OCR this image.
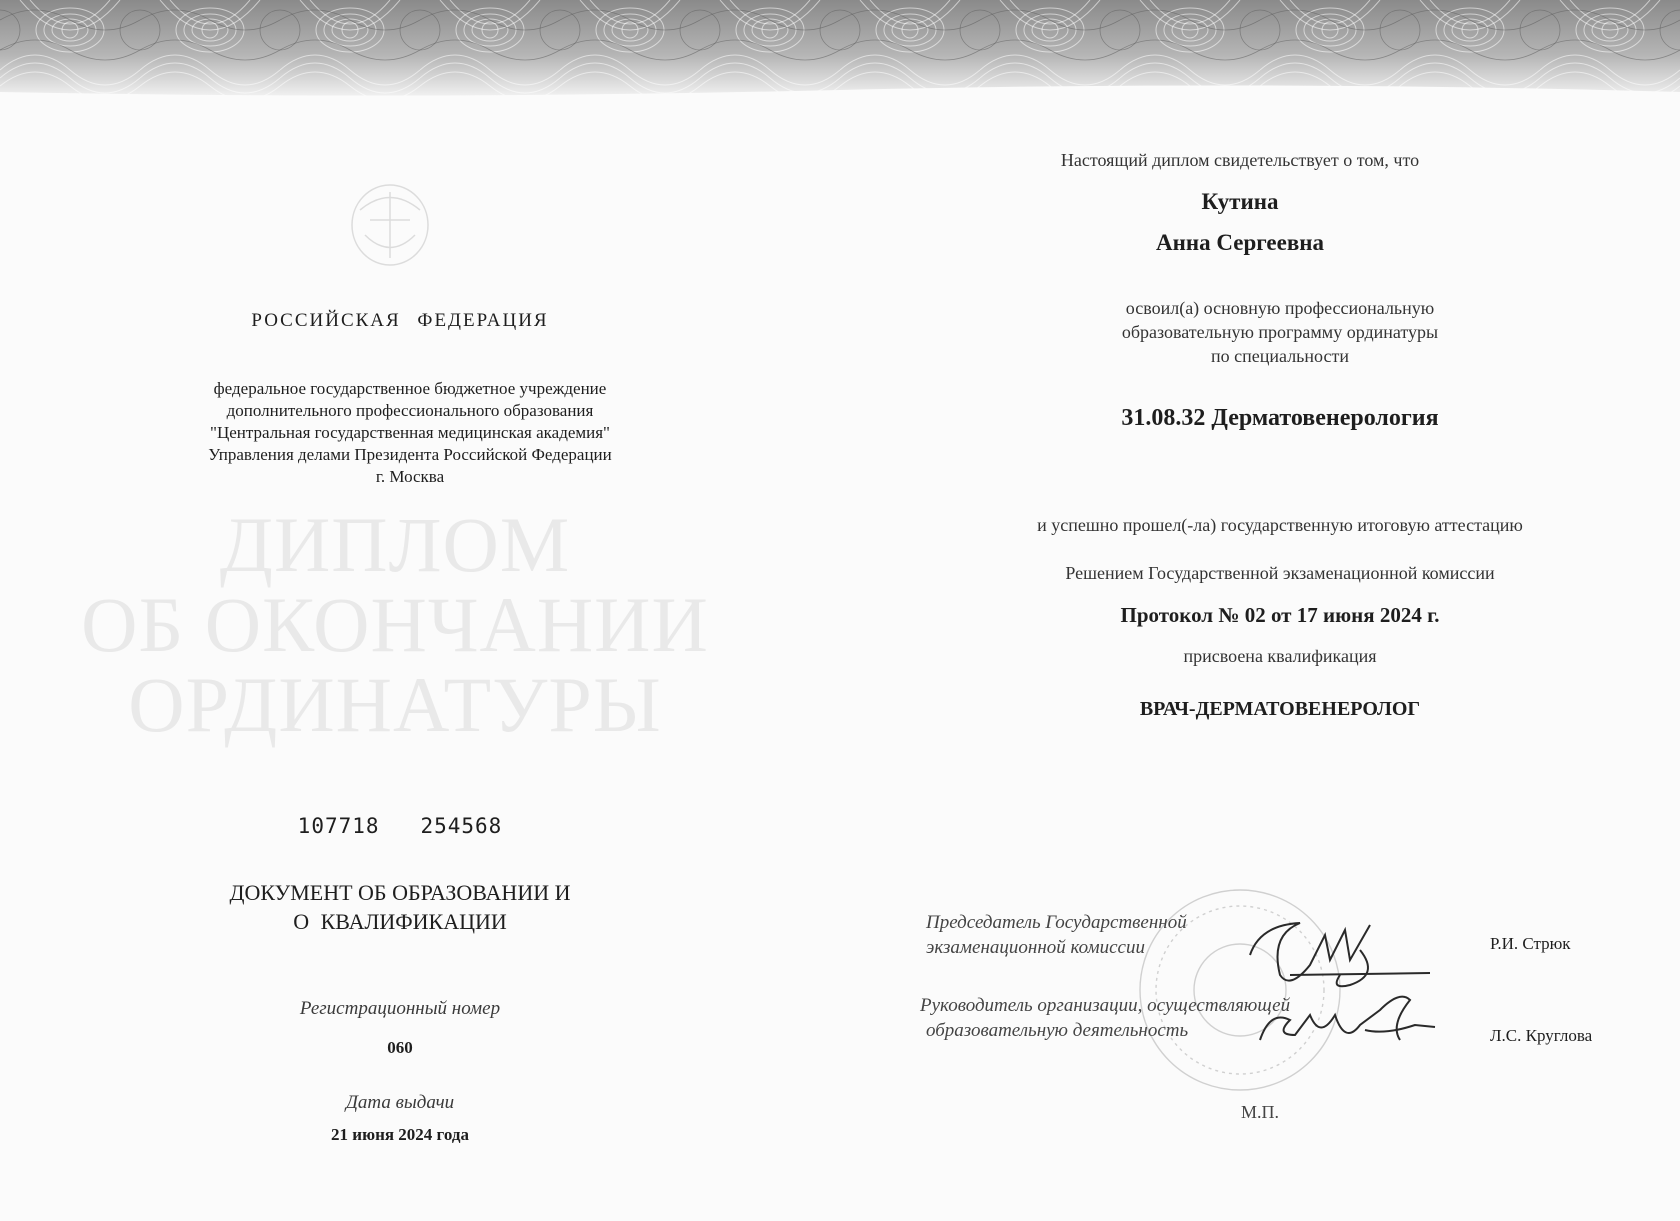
ДИПЛОМ
ОБ ОКОНЧАНИИ
ОРДИНАТУРЫ
РОССИЙСКАЯ ФЕДЕРАЦИЯ
федеральное государственное бюджетное учреждение
дополнительного профессионального образования
"Центральная государственная медицинская академия"
Управления делами Президента Российской Федерации
г. Москва
107718   254568
ДОКУМЕНТ ОБ ОБРАЗОВАНИИ И
О КВАЛИФИКАЦИИ
Регистрационный номер
060
Дата выдачи
21 июня 2024 года
Настоящий диплом свидетельствует о том, что
Кутина
Анна Сергеевна
освоил(а) основную профессиональную
образовательную программу ординатуры
по специальности
31.08.32 Дерматовенерология
и успешно прошел(-ла) государственную итоговую аттестацию
Решением Государственной экзаменационной комиссии
Протокол № 02 от 17 июня 2024 г.
присвоена квалификация
ВРАЧ-ДЕРМАТОВЕНЕРОЛОГ
Председатель Государственной
экзаменационной комиссии	Р.И. Стрюк
Руководитель организации, осуществляющей
образовательную деятельность	Л.С. Круглова
М.П.
